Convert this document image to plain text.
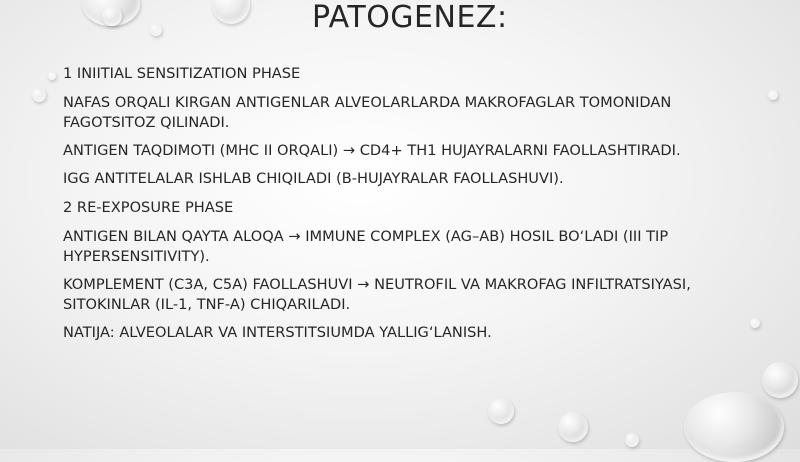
PATOGENEZ:
1 INIITIAL SENSITIZATION PHASE
NAFAS ORQALI KIRGAN ANTIGENLAR ALVEOLARLARDA MAKROFAGLAR TOMONIDAN FAGOTSITOZ QILINADI.
ANTIGEN TAQDIMOTI (MHC II ORQALI) → CD4+ TH1 HUJAYRALARNI FAOLLASHTIRADI.
IGG ANTITELALAR ISHLAB CHIQILADI (B-HUJAYRALAR FAOLLASHUVI).
2 RE-EXPOSURE PHASE
ANTIGEN BILAN QAYTA ALOQA → IMMUNE COMPLEX (AG–AB) HOSIL BO‘LADI (III TIP HYPERSENSITIVITY).
KOMPLEMENT (C3A, C5A) FAOLLASHUVI → NEUTROFIL VA MAKROFAG INFILTRATSIYASI, SITOKINLAR (IL-1, TNF-A) CHIQARILADI.
NATIJA: ALVEOLALAR VA INTERSTITSIUMDA YALLIG‘LANISH.
